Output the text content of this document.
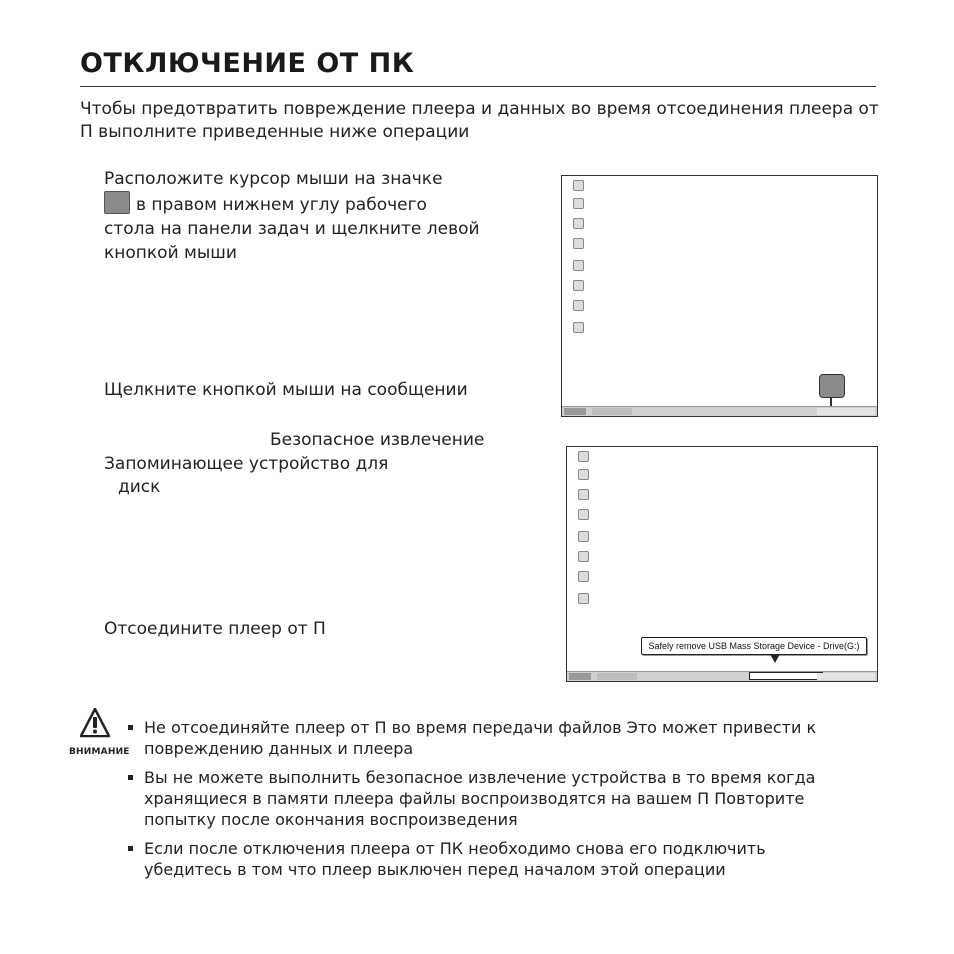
ОТКЛЮЧЕНИЕ ОТ ПК
Чтобы предотвратить повреждение плеера и данных во время отсоединения плеера от П выполните приведенные ниже операции
Расположите курсор мыши на значке
в правом нижнем углу рабочего
стола на панели задач и щелкните левой
кнопкой мыши
Щелкните кнопкой мыши на сообщении
Безопасное извлечение
Запоминающее устройство для
диск
Отсоедините плеер от П
Safely remove USB Mass Storage Device - Drive(G:)
ВНИМАНИЕ
Не отсоединяйте плеер от П во время передачи файлов Это может привести к повреждению данных и плеера
Вы не можете выполнить безопасное извлечение устройства в то время когда хранящиеся в памяти плеера файлы воспроизводятся на вашем П Повторите попытку после окончания воспроизведения
Если после отключения плеера от ПК необходимо снова его подключить убедитесь в том что плеер выключен перед началом этой операции
